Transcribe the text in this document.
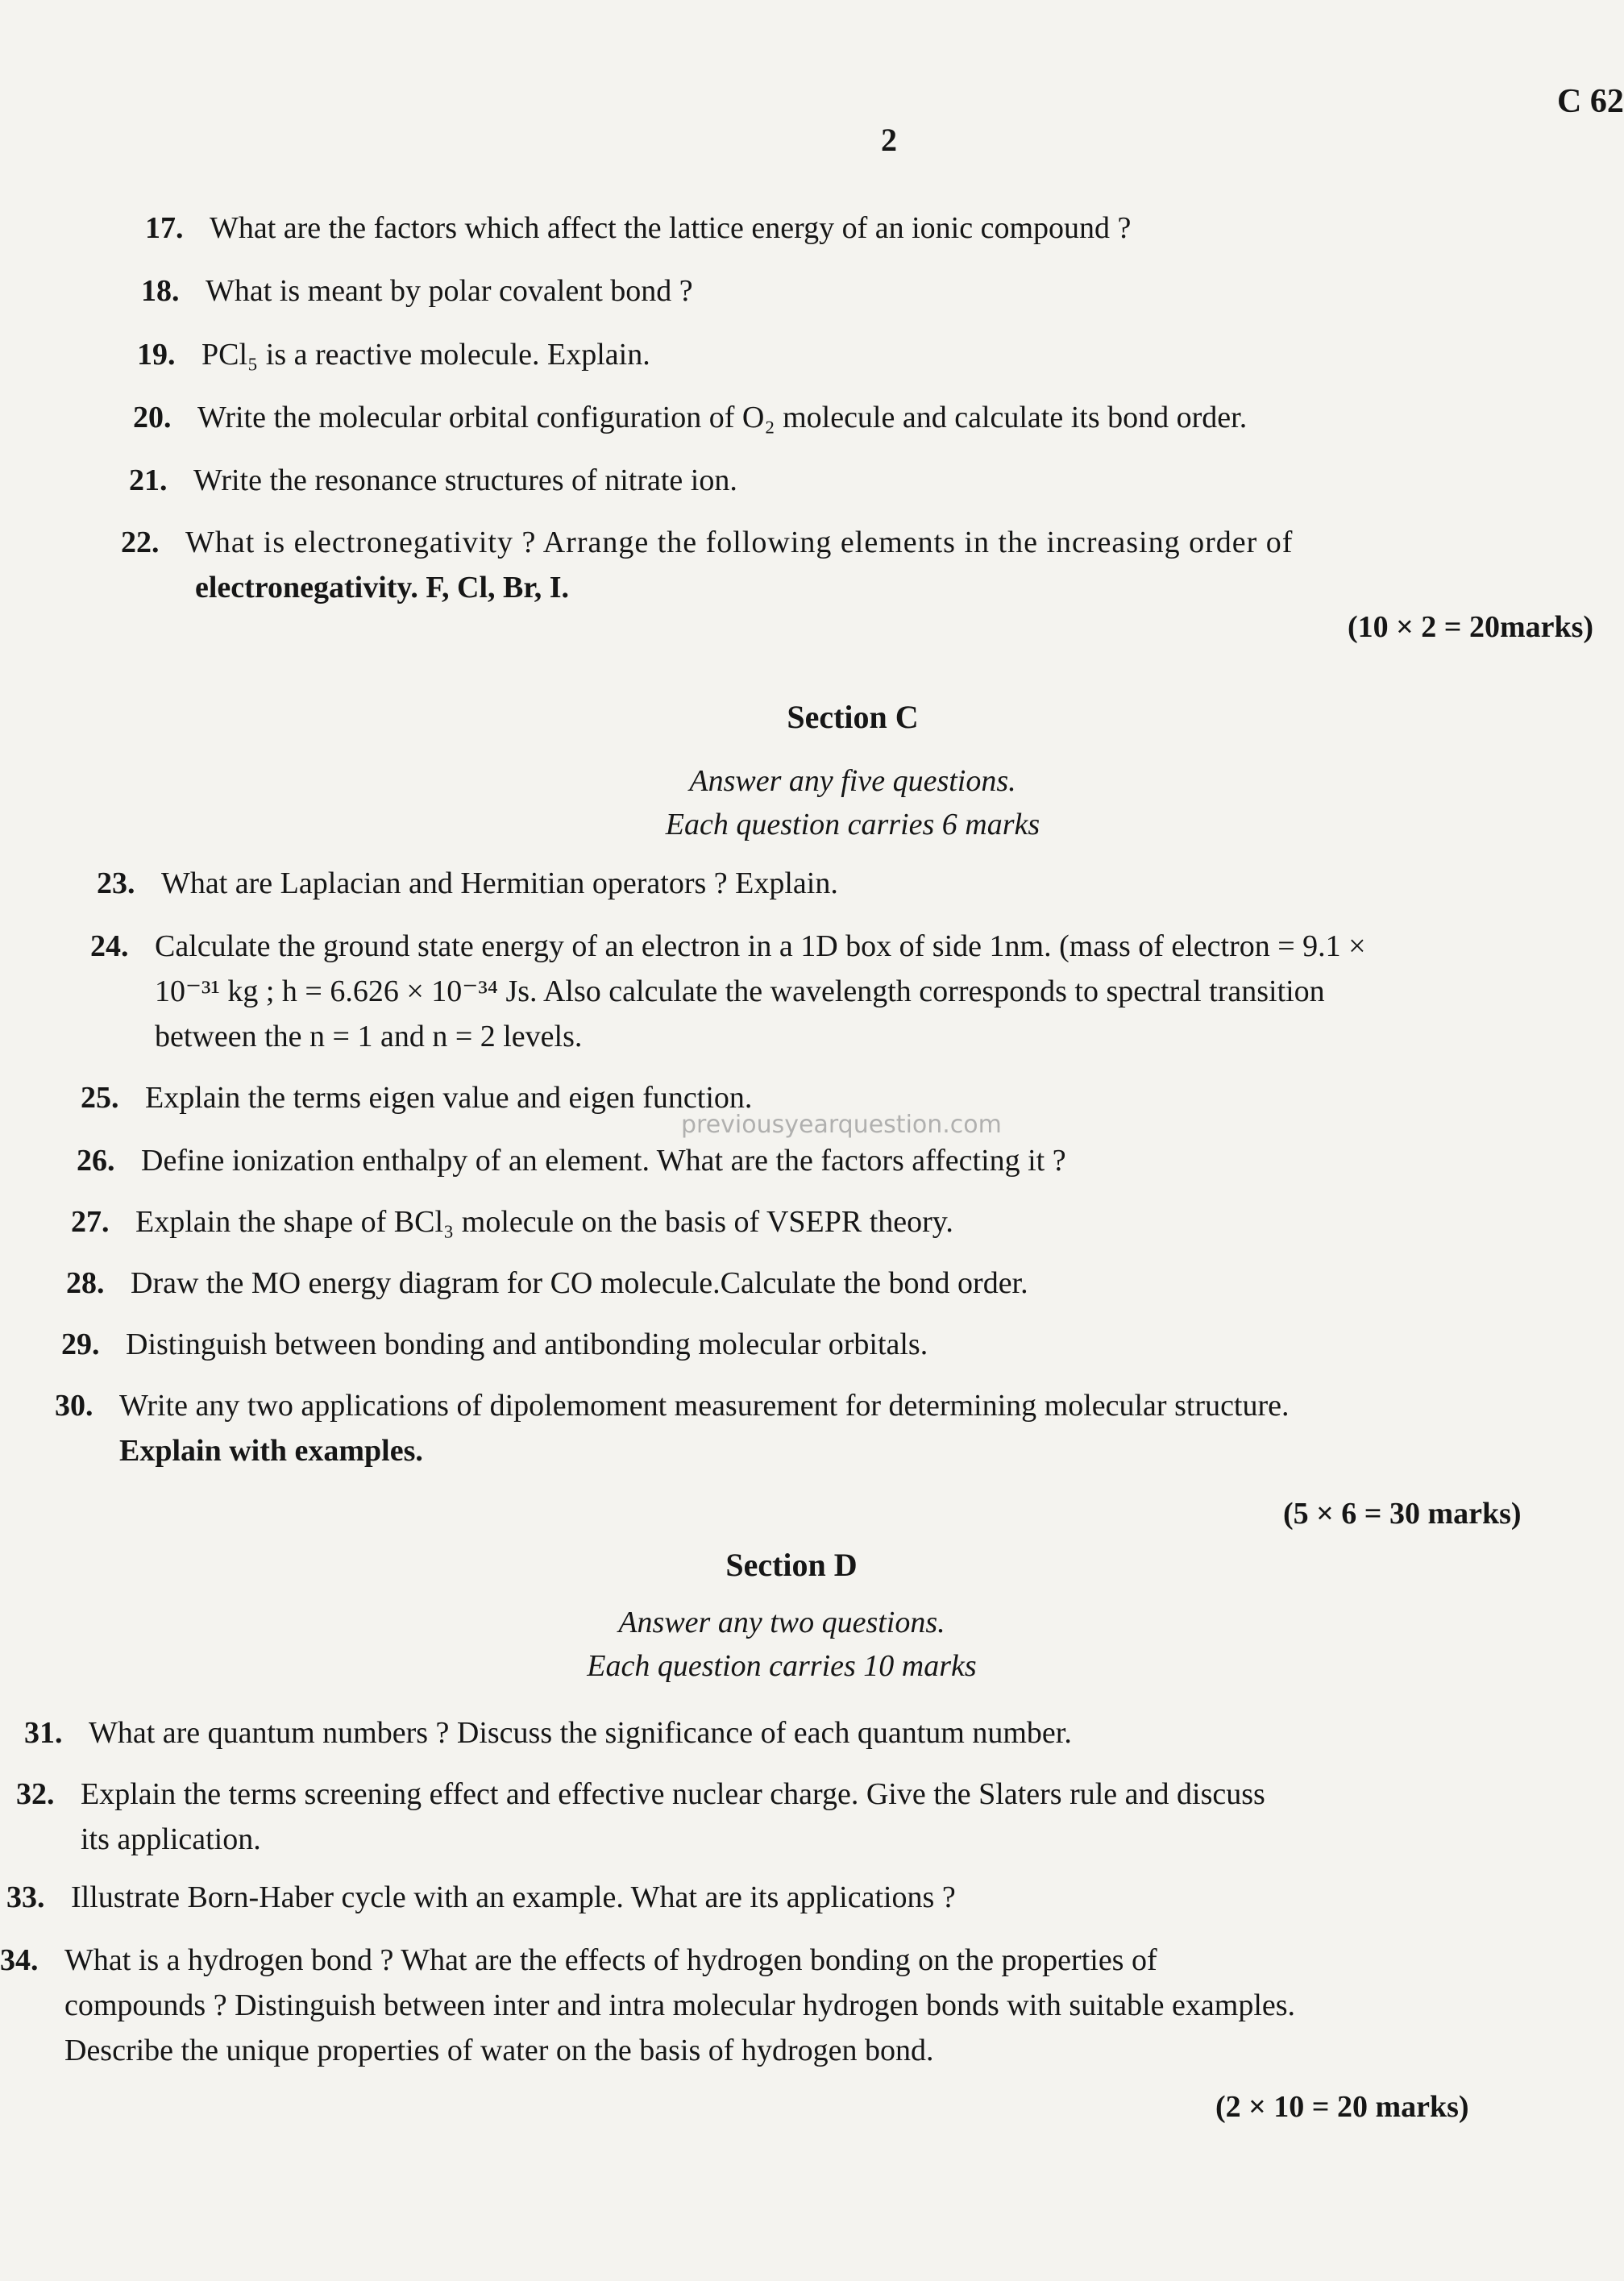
2
C 62
17. What are the factors which affect the lattice energy of an ionic compound ?
18. What is meant by polar covalent bond ?
19. PCl₅ is a reactive molecule. Explain.
20. Write the molecular orbital configuration of O₂ molecule and calculate its bond order.
21. Write the resonance structures of nitrate ion.
22. What is electronegativity ? Arrange the following elements in the increasing order of
electronegativity. F, Cl, Br, I.
(10 × 2 = 20marks)
Section C
Answer any five questions.
Each question carries 6 marks
23. What are Laplacian and Hermitian operators ? Explain.
24. Calculate the ground state energy of an electron in a 1D box of side 1nm. (mass of electron = 9.1 ×
10⁻³¹ kg ; h = 6.626 × 10⁻³⁴ Js. Also calculate the wavelength corresponds to spectral transition
between the n = 1 and n = 2 levels.
25. Explain the terms eigen value and eigen function.
26. Define ionization enthalpy of an element. What are the factors affecting it ?
27. Explain the shape of BCl₃ molecule on the basis of VSEPR theory.
28. Draw the MO energy diagram for CO molecule.Calculate the bond order.
29. Distinguish between bonding and antibonding molecular orbitals.
30. Write any two applications of dipolemoment measurement for determining molecular structure.
Explain with examples.
(5 × 6 = 30 marks)
Section D
Answer any two questions.
Each question carries 10 marks
31. What are quantum numbers ? Discuss the significance of each quantum number.
32. Explain the terms screening effect and effective nuclear charge. Give the Slaters rule and discuss
its application.
33. Illustrate Born-Haber cycle with an example. What are its applications ?
34. What is a hydrogen bond ? What are the effects of hydrogen bonding on the properties of
compounds ? Distinguish between inter and intra molecular hydrogen bonds with suitable examples.
Describe the unique properties of water on the basis of hydrogen bond.
(2 × 10 = 20 marks)
previousyearquestion.com
